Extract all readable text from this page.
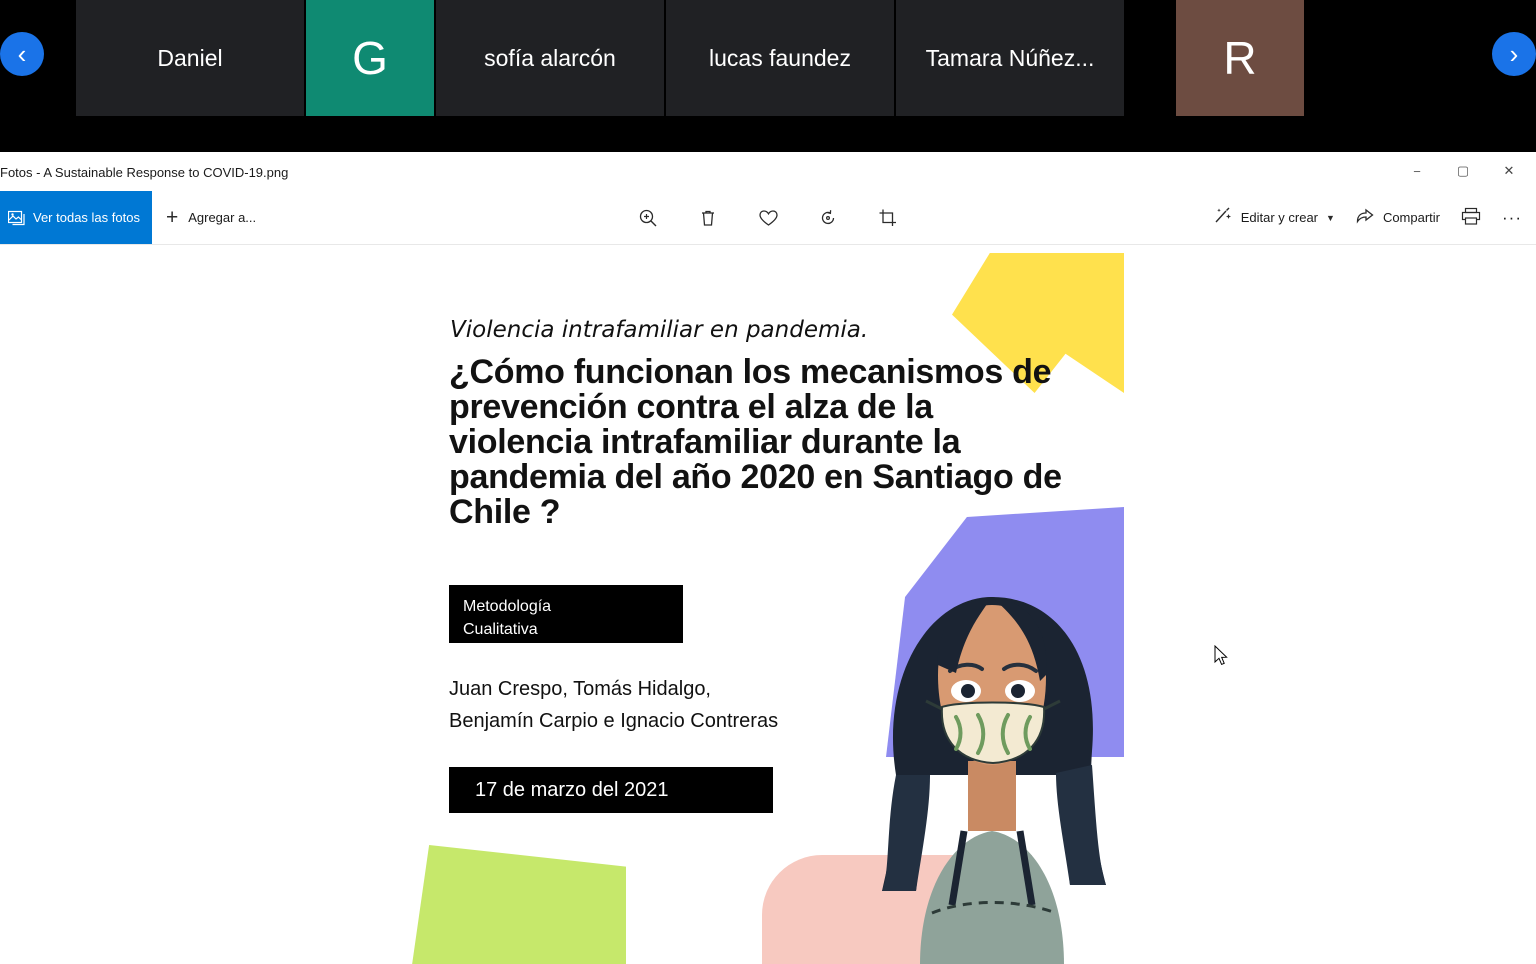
Daniel	G	sofía alarcón	lucas faundez	Tamara Núñez...	R
‹	›
Fotos - A Sustainable Response to COVID-19.png	−	▢	✕
Ver todas las fotos + Agregar a...	Editar y crear ▼	Compartir	···
Violencia intrafamiliar en pandemia.
¿Cómo funcionan los mecanismos de prevención contra el alza de la violencia intrafamiliar durante la pandemia del año 2020 en Santiago de Chile ?
Metodología
Cualitativa
Juan Crespo, Tomás Hidalgo,
Benjamín Carpio e Ignacio Contreras
17 de marzo del 2021
